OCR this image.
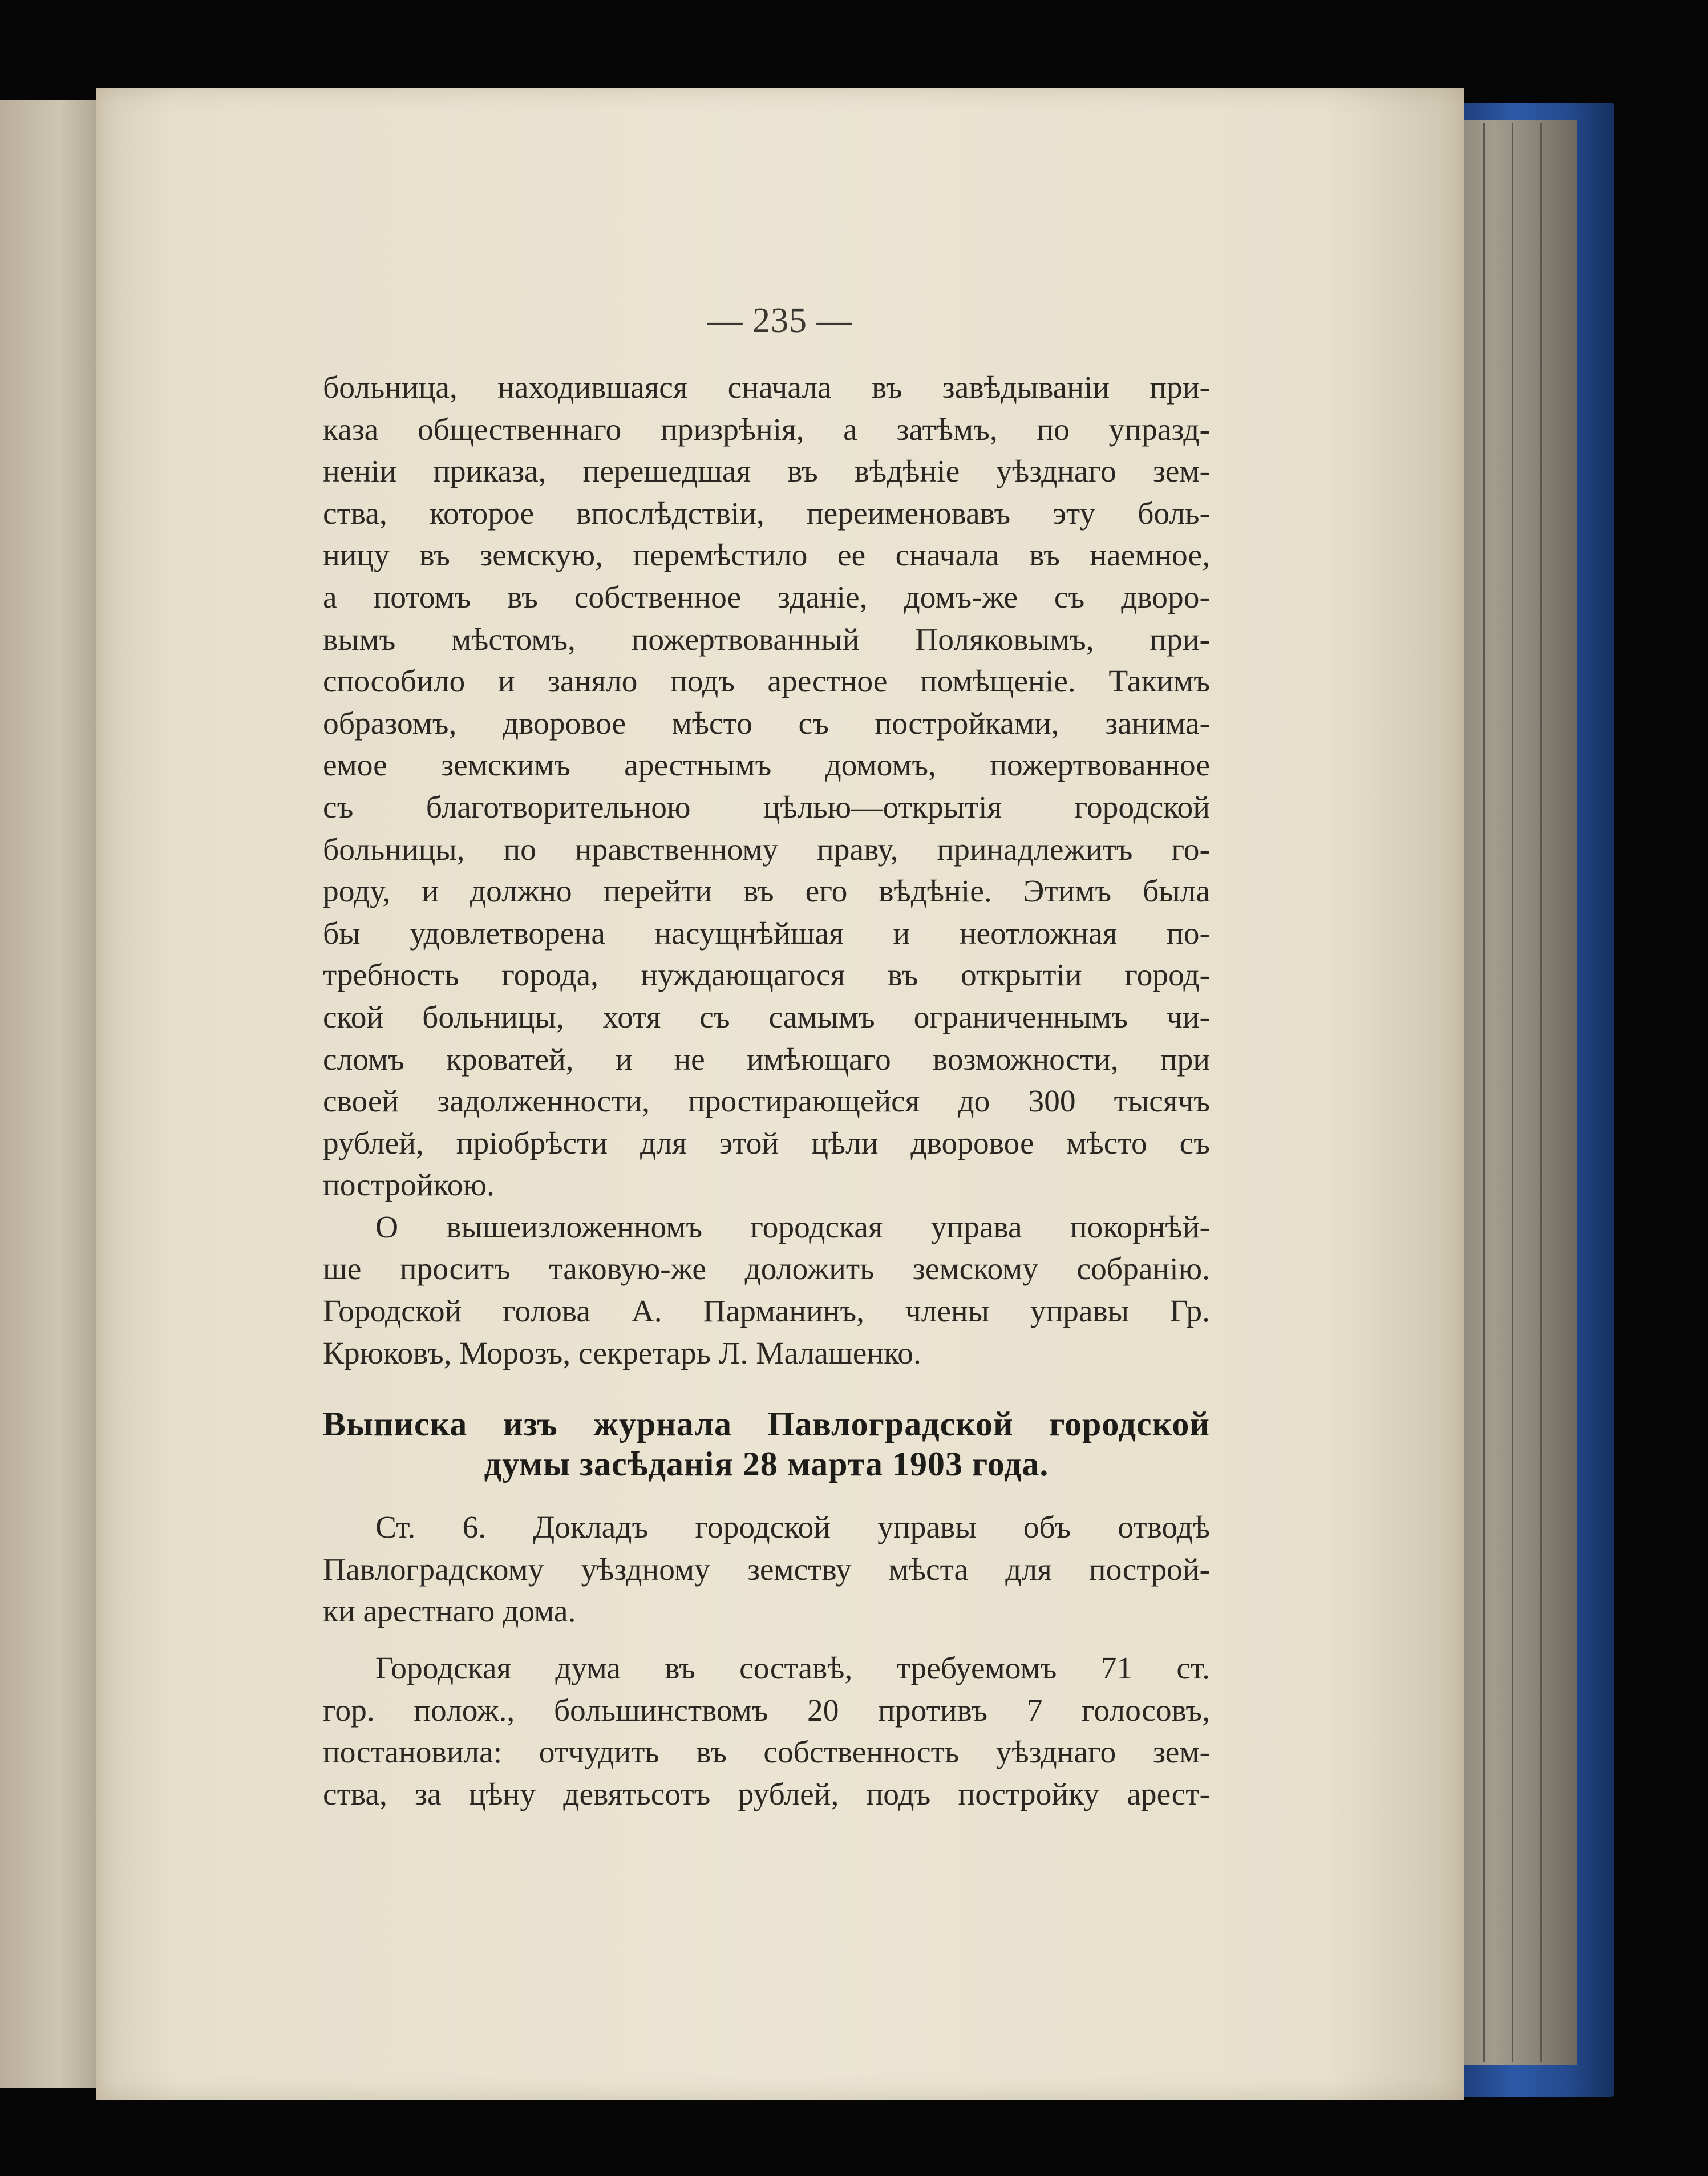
— 235 —
больница, находившаяся сначала въ завѣдываніи при-
каза общественнаго призрѣнія, а затѣмъ, по упразд-
неніи приказа, перешедшая въ вѣдѣніе уѣзднаго зем-
ства, которое впослѣдствіи, переименовавъ эту боль-
ницу въ земскую, перемѣстило ее сначала въ наемное,
а потомъ въ собственное зданіе, домъ-же съ дворо-
вымъ мѣстомъ, пожертвованный Поляковымъ, при-
способило и заняло подъ арестное помѣщеніе. Такимъ
образомъ, дворовое мѣсто съ постройками, занима-
емое земскимъ арестнымъ домомъ, пожертвованное
съ благотворительною цѣлью—открытія городской
больницы, по нравственному праву, принадлежитъ го-
роду, и должно перейти въ его вѣдѣніе. Этимъ была
бы удовлетворена насущнѣйшая и неотложная по-
требность города, нуждающагося въ открытіи город-
ской больницы, хотя съ самымъ ограниченнымъ чи-
сломъ кроватей, и не имѣющаго возможности, при
своей задолженности, простирающейся до 300 тысячъ
рублей, пріобрѣсти для этой цѣли дворовое мѣсто съ
постройкою.
О вышеизложенномъ городская управа покорнѣй-
ше проситъ таковую-же доложить земскому собранію.
Городской голова А. Парманинъ, члены управы Гр.
Крюковъ, Морозъ, секретарь Л. Малашенко.
Выписка изъ журнала Павлоградской городской
думы засѣданія 28 марта 1903 года.
Ст. 6. Докладъ городской управы объ отводѣ
Павлоградскому уѣздному земству мѣста для построй-
ки арестнаго дома.
Городская дума въ составѣ, требуемомъ 71 ст.
гор. полож., большинствомъ 20 противъ 7 голосовъ,
постановила: отчудить въ собственность уѣзднаго зем-
ства, за цѣну девятьсотъ рублей, подъ постройку арест-
